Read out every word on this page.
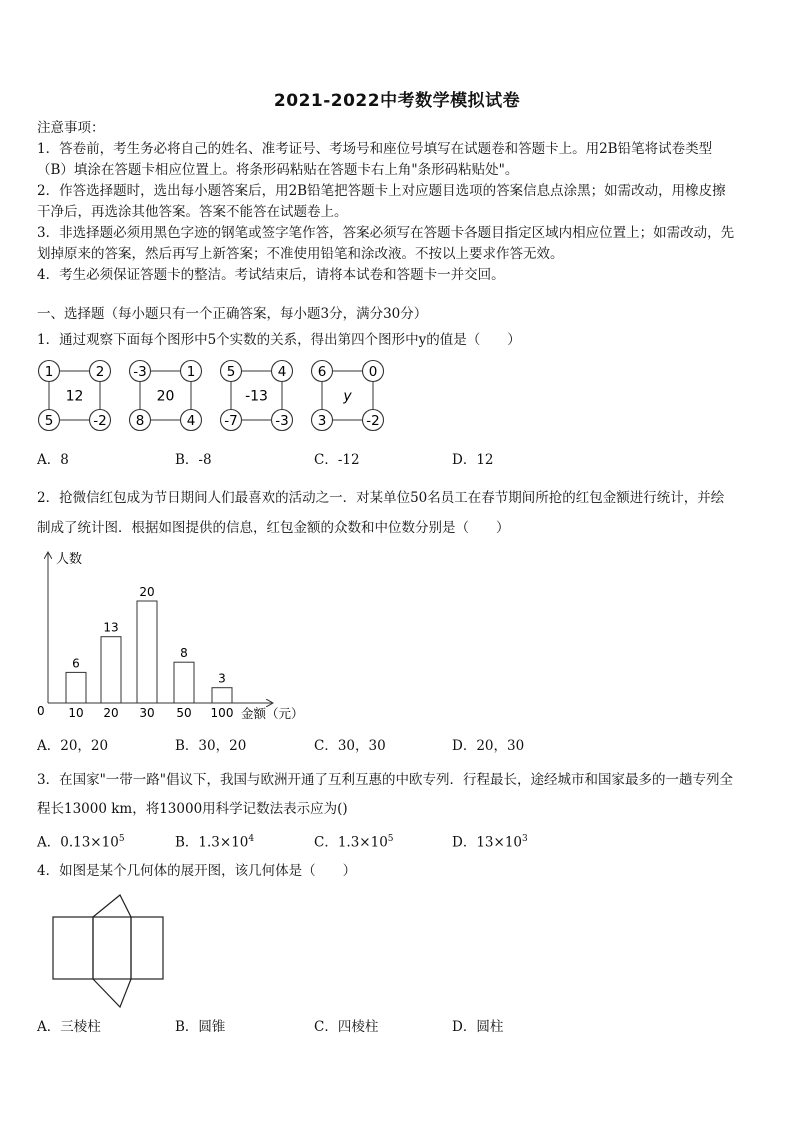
2021-2022中考数学模拟试卷
注意事项：
1．答卷前，考生务必将自己的姓名、准考证号、考场号和座位号填写在试题卷和答题卡上。用2B铅笔将试卷类型
（B）填涂在答题卡相应位置上。将条形码粘贴在答题卡右上角"条形码粘贴处"。
2．作答选择题时，选出每小题答案后，用2B铅笔把答题卡上对应题目选项的答案信息点涂黑；如需改动，用橡皮擦
干净后，再选涂其他答案。答案不能答在试题卷上。
3．非选择题必须用黑色字迹的钢笔或签字笔作答，答案必须写在答题卡各题目指定区域内相应位置上；如需改动，先
划掉原来的答案，然后再写上新答案；不准使用铅笔和涂改液。不按以上要求作答无效。
4．考生必须保证答题卡的整洁。考试结束后，请将本试卷和答题卡一并交回。
一、选择题（每小题只有一个正确答案，每小题3分，满分30分）
1．通过观察下面每个图形中5个实数的关系，得出第四个图形中y的值是（　　）
1	2
5	-2
12
-3	1
8	4
20
5	4
-7	-3
-13
6	0
3	-2
y
A．8	B．-8	C．-12	D．12
2．抢微信红包成为节日期间人们最喜欢的活动之一．对某单位50名员工在春节期间所抢的红包金额进行统计，并绘
制成了统计图．根据如图提供的信息，红包金额的众数和中位数分别是（　　）
人数
金额（元）
0
6
10
13
20
20
30
8
50
3
100
A．20，20	B．30，20	C．30，30	D．20，30
3．在国家"一带一路"倡议下，我国与欧洲开通了互利互惠的中欧专列．行程最长，途经城市和国家最多的一趟专列全
程长13000 km，将13000用科学记数法表示应为()
A．$0.13\times 10^5$	B．$1.3\times 10^4$	C．$1.3\times 10^5$	D．$13\times 10^3$
4．如图是某个几何体的展开图，该几何体是（　　）
A．三棱柱	B．圆锥	C．四棱柱	D．圆柱
